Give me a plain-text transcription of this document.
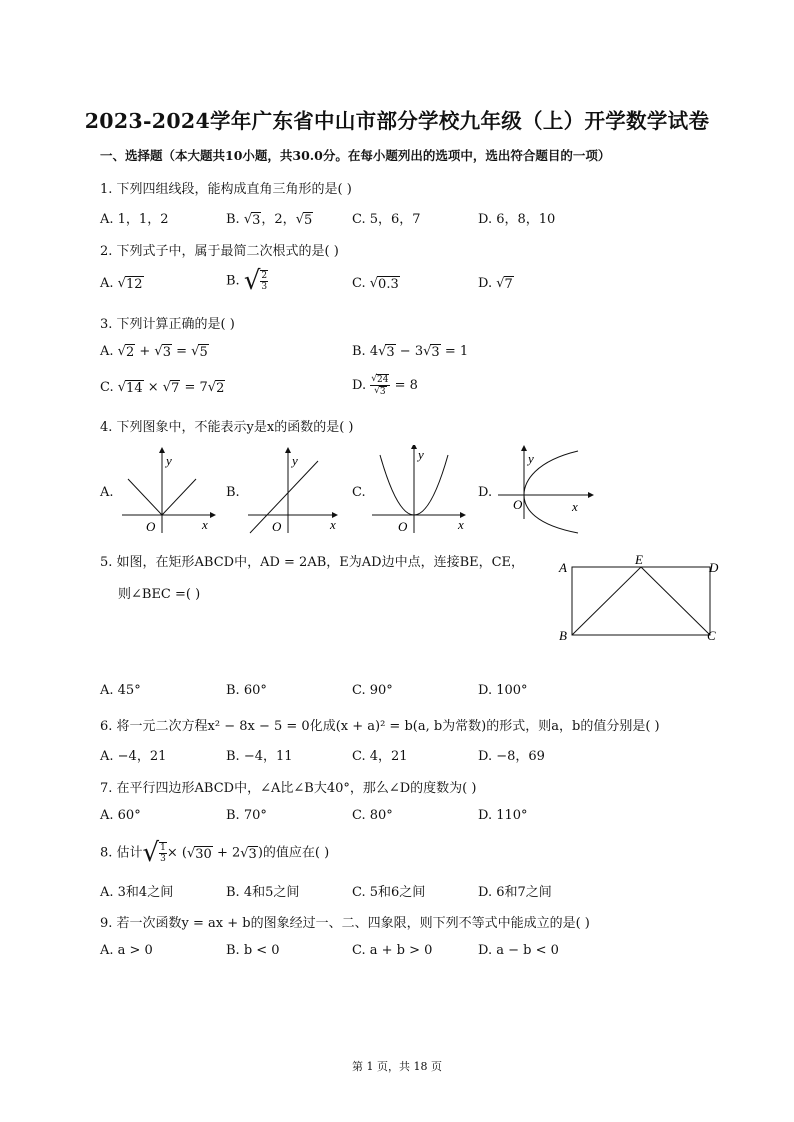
2023-2024学年广东省中山市部分学校九年级（上）开学数学试卷
一、选择题（本大题共10小题，共30.0分。在每小题列出的选项中，选出符合题目的一项）
1. 下列四组线段，能构成直角三角形的是( )
A. 1，1，2	B. √ 3 ，2， √ 5	C. 5，6，7	D. 6，8，10
2. 下列式子中，属于最简二次根式的是( )
A. √ 12	B. √ $\frac{2}{3}$	C. √ 0.3	D. √ 7
3. 下列计算正确的是( )
A. √ 2 + √ 3 = √ 5	B. 4 √ 3 − 3 √ 3 = 1
C. √ 14 × √ 7 = 7 √ 2	D. $\frac{√ 24}{√ 3} = 8$
4. 下列图象中，不能表示y是x的函数的是( )
A.	B.	C.	D.
y
x
O
y
x
O
y
x
O
y
x
O
5. 如图，在矩形ABCD中，AD = 2AB，E为AD边中点，连接BE，CE，
则∠BEC =( )
A
E
D
B	C
A. 45°	B. 60°	C. 90°	D. 100°
6. 将一元二次方程x² − 8x − 5 = 0化成(x + a)² = b(a, b为常数)的形式，则a，b的值分别是( )
A. −4，21	B. −4，11	C. 4，21	D. −8，69
7. 在平行四边形ABCD中，∠A比∠B大40°，那么∠D的度数为( )
A. 60°	B. 70°	C. 80°	D. 110°
8. 估计√ $\frac{1}{3}$ × ( √ 30 + 2 √ 3 )的值应在( )
A. 3和4之间	B. 4和5之间	C. 5和6之间	D. 6和7之间
9. 若一次函数y = ax + b的图象经过一、二、四象限，则下列不等式中能成立的是( )
A. a > 0	B. b < 0	C. a + b > 0	D. a − b < 0
第 1 页，共 18 页
